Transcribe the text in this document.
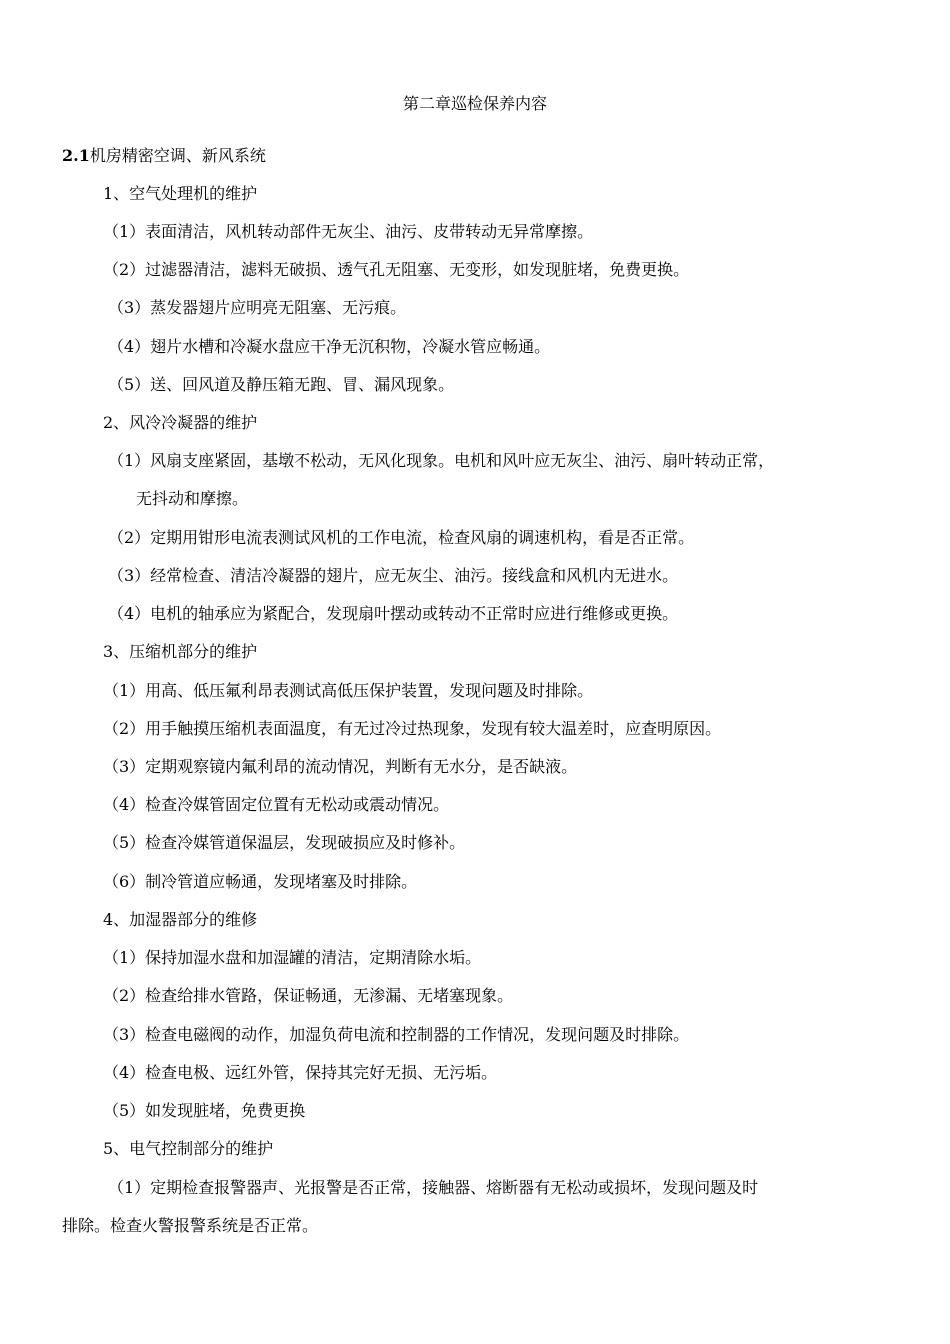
第二章巡检保养内容
2.1机房精密空调、新风系统
1、空气处理机的维护
（1）表面清洁，风机转动部件无灰尘、油污、皮带转动无异常摩擦。
（2）过滤器清洁，滤料无破损、透气孔无阻塞、无变形，如发现脏堵，免费更换。
（3）蒸发器翅片应明亮无阻塞、无污痕。
（4）翅片水槽和冷凝水盘应干净无沉积物，冷凝水管应畅通。
（5）送、回风道及静压箱无跑、冒、漏风现象。
2、风冷冷凝器的维护
（1）风扇支座紧固，基墩不松动，无风化现象。电机和风叶应无灰尘、油污、扇叶转动正常，
无抖动和摩擦。
（2）定期用钳形电流表测试风机的工作电流，检查风扇的调速机构，看是否正常。
（3）经常检查、清洁冷凝器的翅片，应无灰尘、油污。接线盒和风机内无进水。
（4）电机的轴承应为紧配合，发现扇叶摆动或转动不正常时应进行维修或更换。
3、压缩机部分的维护
（1）用高、低压氟利昂表测试高低压保护装置，发现问题及时排除。
（2）用手触摸压缩机表面温度，有无过冷过热现象，发现有较大温差时，应查明原因。
（3）定期观察镜内氟利昂的流动情况，判断有无水分，是否缺液。
（4）检查冷媒管固定位置有无松动或震动情况。
（5）检查冷媒管道保温层，发现破损应及时修补。
（6）制冷管道应畅通，发现堵塞及时排除。
4、加湿器部分的维修
（1）保持加湿水盘和加湿罐的清洁，定期清除水垢。
（2）检查给排水管路，保证畅通，无渗漏、无堵塞现象。
（3）检查电磁阀的动作，加湿负荷电流和控制器的工作情况，发现问题及时排除。
（4）检查电极、远红外管，保持其完好无损、无污垢。
（5）如发现脏堵，免费更换
5、电气控制部分的维护
（1）定期检查报警器声、光报警是否正常，接触器、熔断器有无松动或损坏，发现问题及时
排除。检查火警报警系统是否正常。
